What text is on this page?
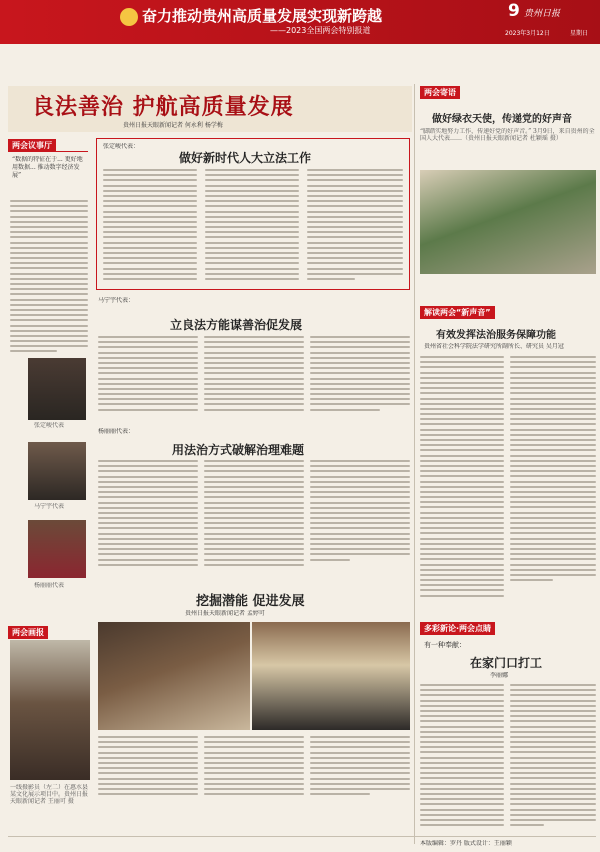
奋力推动贵州高质量发展实现新跨越
——2023全国两会特别报道
9 贵州日报
2023年3月12日	星期日
良法善治 护航高质量发展
贵州日报天眼新闻记者 何永利 杨学梅
两会议事厅
“数据的特征在于... 更好地用数据... 推动数字经济发展”
张定峻代表
马宁宇代表
杨丽丽代表
张定峻代表：
做好新时代人大立法工作
马宁宇代表：
立良法方能谋善治促发展
杨丽丽代表：
用法治方式破解治理难题
挖掘潜能 促进发展
贵州日报天眼新闻记者 孟婷可
两会画报
一线摄影员（左二）在惠水县某文化展示项目中。贵州日报天眼新闻记者 王丽可 摄
两会寄语
做好绿衣天使，传递党的好声音
“脚踏实地努力工作，传递好党的好声音。” 3月9日，来自贵州的全国人大代表……（贵州日报天眼新闻记者 杜颖瑶 摄）
解读两会“新声音”
有效发挥法治服务保障功能
贵州省社会科学院法学研究所副所长、研究员 吴月冠
多彩新论·两会点睛
有一种奉献：
在家门口打工
李丽娜
本版编辑：罗丹 版式设计：王丽颖
